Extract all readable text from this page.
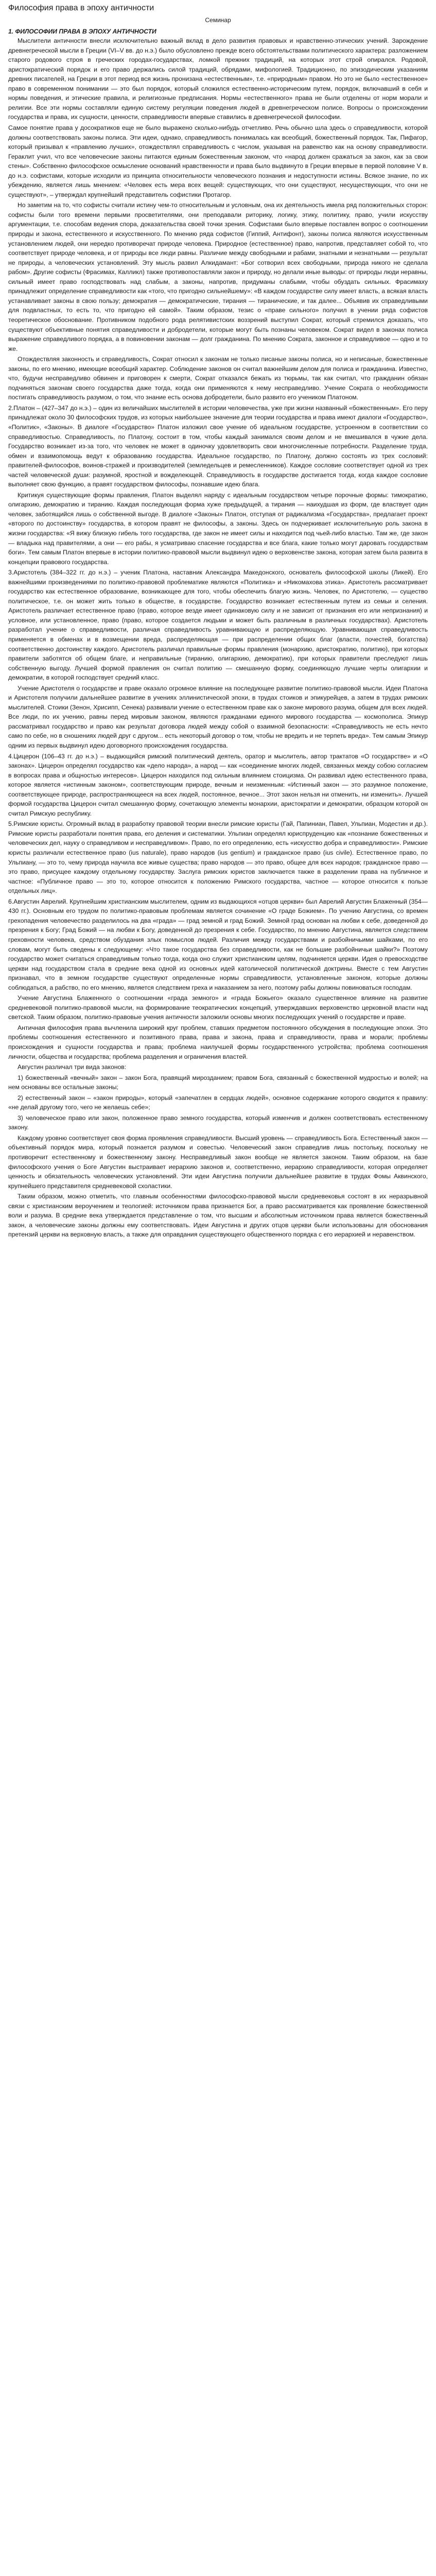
Философия права в эпоху античности
Семинар

1. ФИЛОСОФИИ ПРАВА В ЭПОХУ АНТИЧНОСТИ

Мыслители античности внесли исключительно важный вклад в дело развития правовых и нравственно-этических учений. Зарождение древнегреческой мысли в Греции (VI–V вв. до н.э.) было обусловлено прежде всего обстоятельствами политического характера: разложением старого родового строя в греческих городах-государствах, ломкой прежних традиций, на которых этот строй опирался. Родовой, аристократический порядок и его право держались силой традиций, обрядами, мифологией. Традиционно, по эпизодическим указаниям древних писателей, на Греции в этот период вся жизнь пронизана «естественным», т.е. «природным» правом. Но это не было «естественное» право в современном понимании — это был порядок, который сложился естественно-историческим путем, порядок, включавший в себя и нормы поведения, и этические правила, и религиозные предписания. Нормы «естественного» права не были отделены от норм морали и религии. Все эти нормы составляли единую систему регуляции поведения людей в древнегреческом полисе. Вопросы о происхождении государства и права, их сущности, ценности, справедливости впервые ставились в древнегреческой философии.

Самое понятие права у досократиков еще не было выражено сколько-нибудь отчетливо. Речь обычно шла здесь о справедливости, которой должны соответствовать законы полиса. Эти идеи, однако, справедливость понималась как всеобщий, божественный порядок. Так, Пифагор, который призывал к «правлению лучших», отождествлял справедливость с числом, указывая на равенство как на основу справедливости. Гераклит учил, что все человеческие законы питаются единым божественным законом, что «народ должен сражаться за закон, как за свои стены». Собственно философское осмысление оснований нравственности и права было выдвинуто в Греции впервые в первой половине V в. до н.э. софистами, которые исходили из принципа относительности человеческого познания и недоступности истины. Всякое знание, по их убеждению, является лишь мнением: «Человек есть мера всех вещей: существующих, что они существуют, несуществующих, что они не существуют», – утверждал крупнейший представитель софистики Протагор.

Но заметим на то, что софисты считали истину чем-то относительным и условным, она их деятельность имела ряд положительных сторон: софисты были того времени первыми просветителями, они преподавали риторику, логику, этику, политику, право, учили искусству аргументации, т.е. способам ведения спора, доказательства своей точки зрения. Софистами было впервые поставлен вопрос о соотношении природы и закона, естественного и искусственного. По мнению ряда софистов (Гиппий, Антифонт), законы полиса являются искусственным установлением людей, они нередко противоречат природе человека. Природное (естественное) право, напротив, представляет собой то, что соответствует природе человека, и от природы все люди равны. Различие между свободными и рабами, знатными и незнатными — результат не природы, а человеческих установлений. Эту мысль развил Алкидамант: «Бог сотворил всех свободными, природа никого не сделала рабом». Другие софисты (Фрасимах, Калликл) также противопоставляли закон и природу, но делали иные выводы: от природы люди неравны, сильный имеет право господствовать над слабым, а законы, напротив, придуманы слабыми, чтобы обуздать сильных. Фрасимаху принадлежит определение справедливости как «того, что пригодно сильнейшему»: «В каждом государстве силу имеет власть, а всякая власть устанавливает законы в свою пользу; демократия — демократические, тирания — тиранические, и так далее... Объявив их справедливыми для подвластных, то есть то, что пригодно ей самой». Таким образом, тезис о «праве сильного» получил в учении ряда софистов теоретическое обоснование. Противником подобного рода релятивистских воззрений выступил Сократ, который стремился доказать, что существуют объективные понятия справедливости и добродетели, которые могут быть познаны человеком. Сократ видел в законах полиса выражение справедливого порядка, а в повиновении законам — долг гражданина. По мнению Сократа, законное и справедливое — одно и то же.

Отождествляя законность и справедливость, Сократ относил к законам не только писаные законы полиса, но и неписаные, божественные законы, по его мнению, имеющие всеобщий характер. Соблюдение законов он считал важнейшим делом для полиса и гражданина. Известно, что, будучи несправедливо обвинен и приговорен к смерти, Сократ отказался бежать из тюрьмы, так как считал, что гражданин обязан подчиняться законам своего государства даже тогда, когда они применяются к нему несправедливо. Учение Сократа о необходимости постигать справедливость разумом, о том, что знание есть основа добродетели, было развито его учеником Платоном.

2.Платон – (427–347 до н.э.) – один из величайших мыслителей в истории человечества, уже при жизни названный «божественным». Его перу принадлежат около 30 философских трудов, из которых наибольшее значение для теории государства и права имеют диалоги «Государство», «Политик», «Законы». В диалоге «Государство» Платон изложил свое учение об идеальном государстве, устроенном в соответствии со справедливостью. Справедливость, по Платону, состоит в том, чтобы каждый занимался своим делом и не вмешивался в чужие дела. Государство возникает из-за того, что человек не может в одиночку удовлетворить свои многочисленные потребности. Разделение труда, обмен и взаимопомощь ведут к образованию государства. Идеальное государство, по Платону, должно состоять из трех сословий: правителей-философов, воинов-стражей и производителей (земледельцев и ремесленников). Каждое сословие соответствует одной из трех частей человеческой души: разумной, яростной и вожделеющей. Справедливость в государстве достигается тогда, когда каждое сословие выполняет свою функцию, а правят государством философы, познавшие идею блага.

Критикуя существующие формы правления, Платон выделял наряду с идеальным государством четыре порочные формы: тимократию, олигархию, демократию и тиранию. Каждая последующая форма хуже предыдущей, а тирания — наихудшая из форм, где властвует один человек, заботящийся лишь о собственной выгоде. В диалоге «Законы» Платон, отступая от радикализма «Государства», предлагает проект «второго по достоинству» государства, в котором правят не философы, а законы. Здесь он подчеркивает исключительную роль закона в жизни государства: «Я вижу близкую гибель того государства, где закон не имеет силы и находится под чьей-либо властью. Там же, где закон — владыка над правителями, а они — его рабы, я усматриваю спасение государства и все блага, какие только могут даровать государствам боги». Тем самым Платон впервые в истории политико-правовой мысли выдвинул идею о верховенстве закона, которая затем была развита в концепции правового государства.

3.Аристотель (384–322 гг. до н.э.) – ученик Платона, наставник Александра Македонского, основатель философской школы (Ликей). Его важнейшими произведениями по политико-правовой проблематике являются «Политика» и «Никомахова этика». Аристотель рассматривает государство как естественное образование, возникающее для того, чтобы обеспечить благую жизнь. Человек, по Аристотелю, — существо политическое, т.е. он может жить только в обществе, в государстве. Государство возникает естественным путем из семьи и селения. Аристотель различает естественное право (право, которое везде имеет одинаковую силу и не зависит от признания его или непризнания) и условное, или установленное, право (право, которое создается людьми и может быть различным в различных государствах). Аристотель разработал учение о справедливости, различая справедливость уравнивающую и распределяющую. Уравнивающая справедливость применяется в обменах и в возмещении вреда, распределяющая — при распределении общих благ (власти, почестей, богатства) соответственно достоинству каждого. Аристотель различал правильные формы правления (монархию, аристократию, политию), при которых правители заботятся об общем благе, и неправильные (тиранию, олигархию, демократию), при которых правители преследуют лишь собственную выгоду. Лучшей формой правления он считал политию — смешанную форму, соединяющую лучшие черты олигархии и демократии, в которой господствует средний класс.

Учение Аристотеля о государстве и праве оказало огромное влияние на последующее развитие политико-правовой мысли. Идеи Платона и Аристотеля получили дальнейшее развитие в учениях эллинистической эпохи, в трудах стоиков и эпикурейцев, а затем в трудах римских мыслителей. Стоики (Зенон, Хрисипп, Сенека) развивали учение о естественном праве как о законе мирового разума, общем для всех людей. Все люди, по их учению, равны перед мировым законом, являются гражданами единого мирового государства — космополиса. Эпикур рассматривал государство и право как результат договора людей между собой о взаимной безопасности: «Справедливость не есть нечто само по себе, но в сношениях людей друг с другом... есть некоторый договор о том, чтобы не вредить и не терпеть вреда». Тем самым Эпикур одним из первых выдвинул идею договорного происхождения государства.

4.Цицерон (106–43 гг. до н.э.) – выдающийся римский политический деятель, оратор и мыслитель, автор трактатов «О государстве» и «О законах». Цицерон определял государство как «дело народа», а народ — как «соединение многих людей, связанных между собою согласием в вопросах права и общностью интересов». Цицерон находился под сильным влиянием стоицизма. Он развивал идею естественного права, которое является «истинным законом», соответствующим природе, вечным и неизменным: «Истинный закон — это разумное положение, соответствующее природе, распространяющееся на всех людей, постоянное, вечное... Этот закон нельзя ни отменить, ни изменить». Лучшей формой государства Цицерон считал смешанную форму, сочетающую элементы монархии, аристократии и демократии, образцом которой он считал Римскую республику.

5.Римские юристы. Огромный вклад в разработку правовой теории внесли римские юристы (Гай, Папиниан, Павел, Ульпиан, Модестин и др.). Римские юристы разработали понятия права, его деления и систематики. Ульпиан определял юриспруденцию как «познание божественных и человеческих дел, науку о справедливом и несправедливом». Право, по его определению, есть «искусство добра и справедливости». Римские юристы различали естественное право (ius naturale), право народов (ius gentium) и гражданское право (ius civile). Естественное право, по Ульпиану, — это то, чему природа научила все живые существа; право народов — это право, общее для всех народов; гражданское право — это право, присущее каждому отдельному государству. Заслуга римских юристов заключается также в разделении права на публичное и частное: «Публичное право — это то, которое относится к положению Римского государства, частное — которое относится к пользе отдельных лиц».

6.Августин Аврелий. Крупнейшим христианским мыслителем, одним из выдающихся «отцов церкви» был Аврелий Августин Блаженный (354—430 гг.). Основным его трудом по политико-правовым проблемам является сочинение «О граде Божием». По учению Августина, со времен грехопадения человечество разделилось на два «града» — град земной и град Божий. Земной град основан на любви к себе, доведенной до презрения к Богу; Град Божий — на любви к Богу, доведенной до презрения к себе. Государство, по мнению Августина, является следствием греховности человека, средством обуздания злых помыслов людей. Различия между государствами и разбойничьими шайками, по его словам, могут быть сведены к следующему: «Что такое государства без справедливости, как не большие разбойничьи шайки?» Поэтому государство может считаться справедливым только тогда, когда оно служит христианским целям, подчиняется церкви. Идея о превосходстве церкви над государством стала в средние века одной из основных идей католической политической доктрины. Вместе с тем Августин признавал, что в земном государстве существуют определенные нормы справедливости, установленные законом, которые должны соблюдаться, а рабство, по его мнению, является следствием греха и наказанием за него, поэтому рабы должны повиноваться господам.

Учение Августина Блаженного о соотношении «града земного» и «града Божьего» оказало существенное влияние на развитие средневековой политико-правовой мысли, на формирование теократических концепций, утверждавших верховенство церковной власти над светской. Таким образом, политико-правовые учения античности заложили основы многих последующих учений о государстве и праве.

Античная философия права вычленила широкий круг проблем, ставших предметом постоянного обсуждения в последующие эпохи. Это проблемы соотношения естественного и позитивного права, права и закона, права и справедливости, права и морали; проблемы происхождения и сущности государства и права; проблема наилучшей формы государственного устройства; проблема соотношения личности, общества и государства; проблема разделения и ограничения властей.

Августин различал три вида законов:

1) божественный «вечный» закон – закон Бога, правящий мирозданием; правом Бога, связанный с божественной мудростью и волей; на нем основаны все остальные законы;

2) естественный закон – «закон природы», который «запечатлен в сердцах людей», основное содержание которого сводится к правилу: «не делай другому того, чего не желаешь себе»;

3) человеческое право или закон, положенное право земного государства, который изменчив и должен соответствовать естественному закону.

Каждому уровню соответствует своя форма проявления справедливости. Высший уровень — справедливость Бога. Естественный закон — объективный порядок мира, который познается разумом и совестью. Человеческий закон справедлив лишь постольку, поскольку не противоречит естественному и божественному закону. Несправедливый закон вообще не является законом. Таким образом, на базе философского учения о Боге Августин выстраивает иерархию законов и, соответственно, иерархию справедливости, которая определяет ценность и обязательность человеческих установлений. Эти идеи Августина получили дальнейшее развитие в трудах Фомы Аквинского, крупнейшего представителя средневековой схоластики.

Таким образом, можно отметить, что главным особенностями философско-правовой мысли средневековья состоят в их неразрывной связи с христианским вероучением и теологией: источником права признается Бог, а право рассматривается как проявление божественной воли и разума. В средние века утверждается представление о том, что высшим и абсолютным источником права является божественный закон, а человеческие законы должны ему соответствовать. Идеи Августина и других отцов церкви были использованы для обоснования претензий церкви на верховную власть, а также для оправдания существующего общественного порядка с его иерархией и неравенством.
